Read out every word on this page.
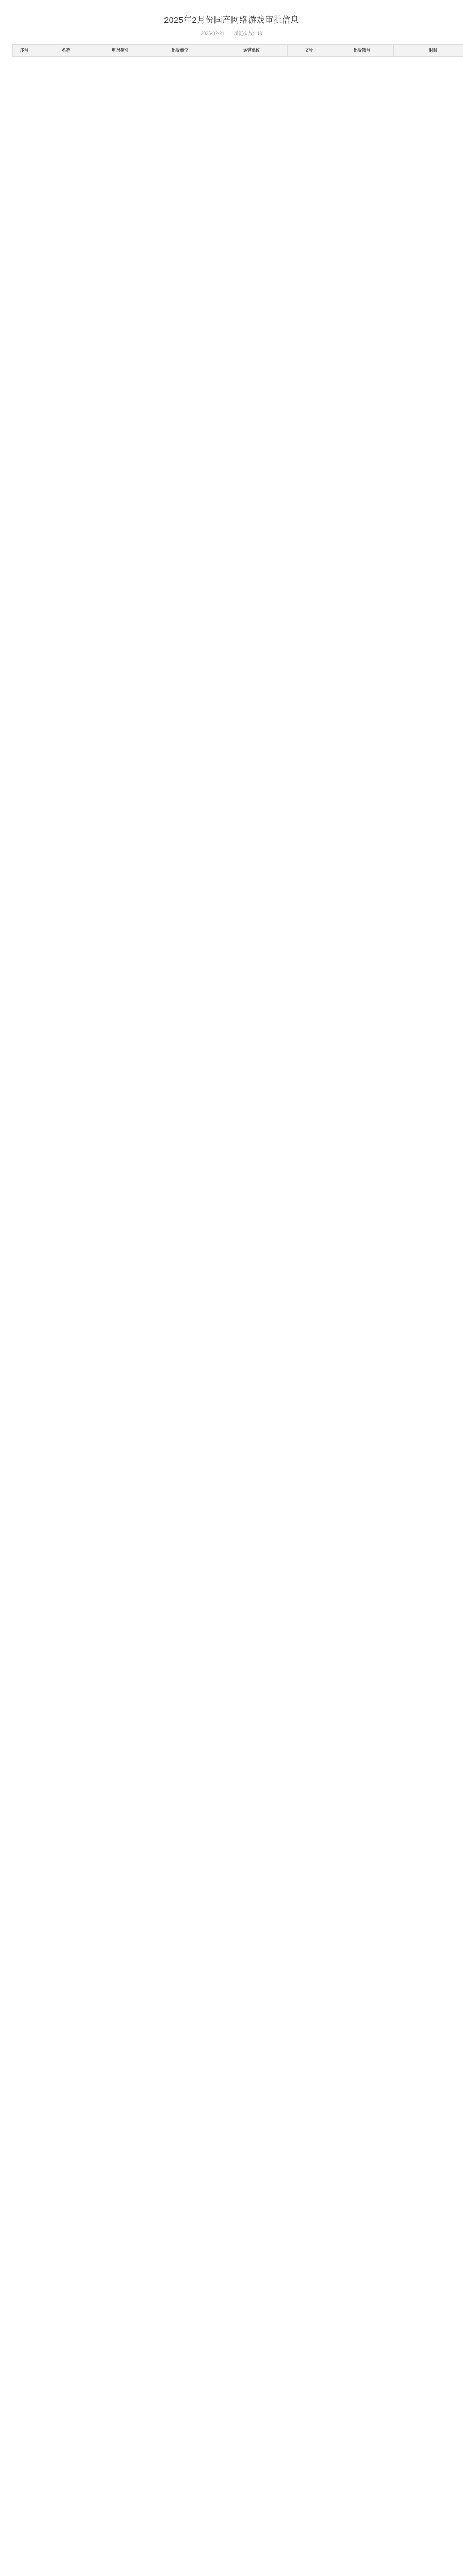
2025年2月份国产网络游戏审批信息
2025-02-21 浏览次数：19
序号	名称	申报类别	出版单位	运营单位	文号	出版物号	时间
